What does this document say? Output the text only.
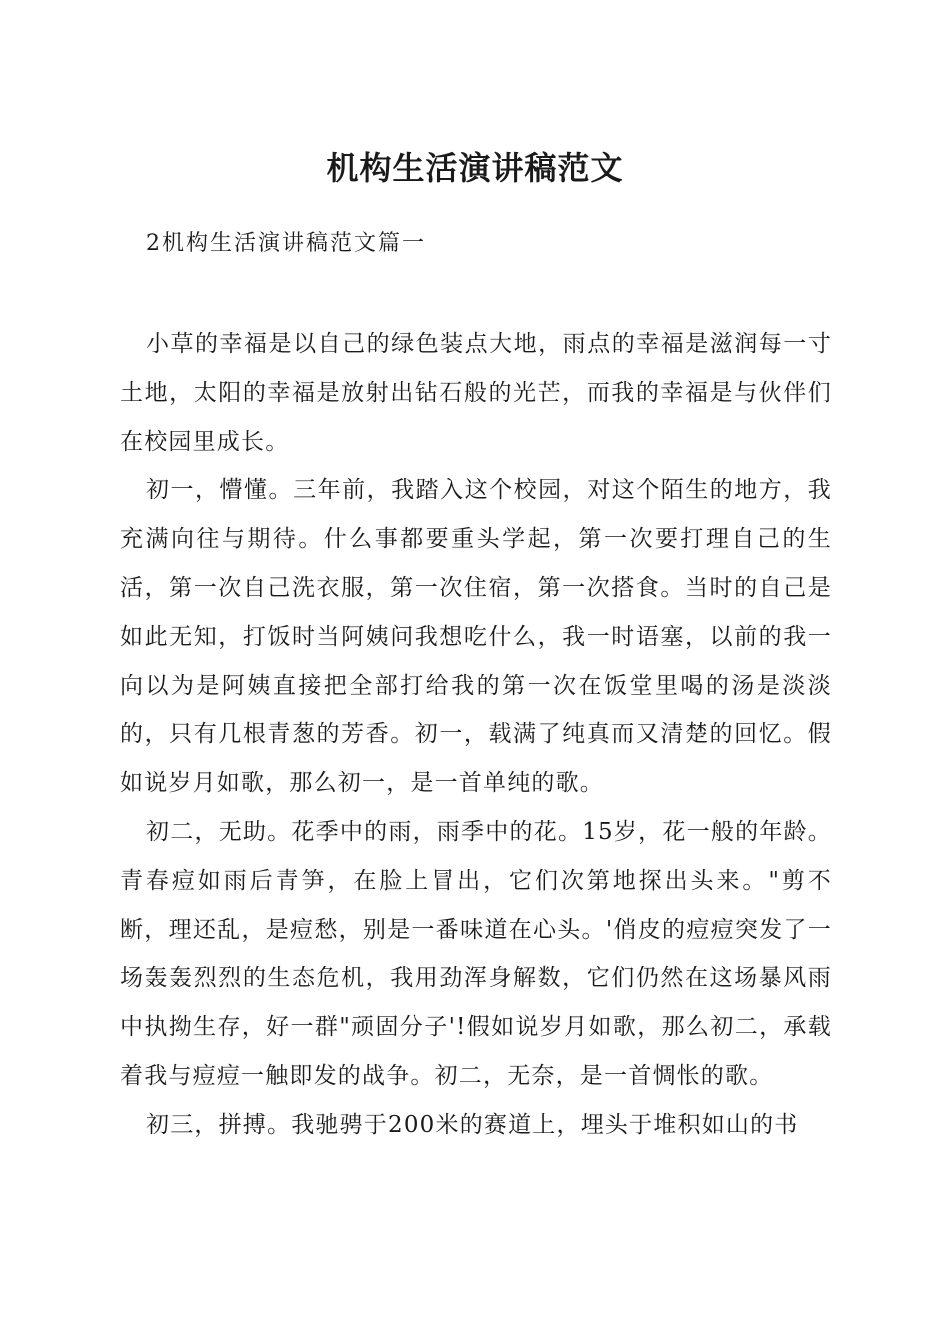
机构生活演讲稿范文

2机构生活演讲稿范文篇一

小草的幸福是以自己的绿色装点大地，雨点的幸福是滋润每一寸土地，太阳的幸福是放射出钻石般的光芒，而我的幸福是与伙伴们在校园里成长。

初一，懵懂。三年前，我踏入这个校园，对这个陌生的地方，我充满向往与期待。什么事都要重头学起，第一次要打理自己的生活，第一次自己洗衣服，第一次住宿，第一次搭食。当时的自己是如此无知，打饭时当阿姨问我想吃什么，我一时语塞，以前的我一向以为是阿姨直接把全部打给我的第一次在饭堂里喝的汤是淡淡的，只有几根青葱的芳香。初一，载满了纯真而又清楚的回忆。假如说岁月如歌，那么初一，是一首单纯的歌。

初二，无助。花季中的雨，雨季中的花。15岁，花一般的年龄。青春痘如雨后青笋，在脸上冒出，它们次第地探出头来。"剪不断，理还乱，是痘愁，别是一番味道在心头。'俏皮的痘痘突发了一场轰轰烈烈的生态危机，我用劲浑身解数，它们仍然在这场暴风雨中执拗生存，好一群"顽固分子'!假如说岁月如歌，那么初二，承载着我与痘痘一触即发的战争。初二，无奈，是一首惆怅的歌。

初三，拼搏。我驰骋于200米的赛道上，埋头于堆积如山的书
